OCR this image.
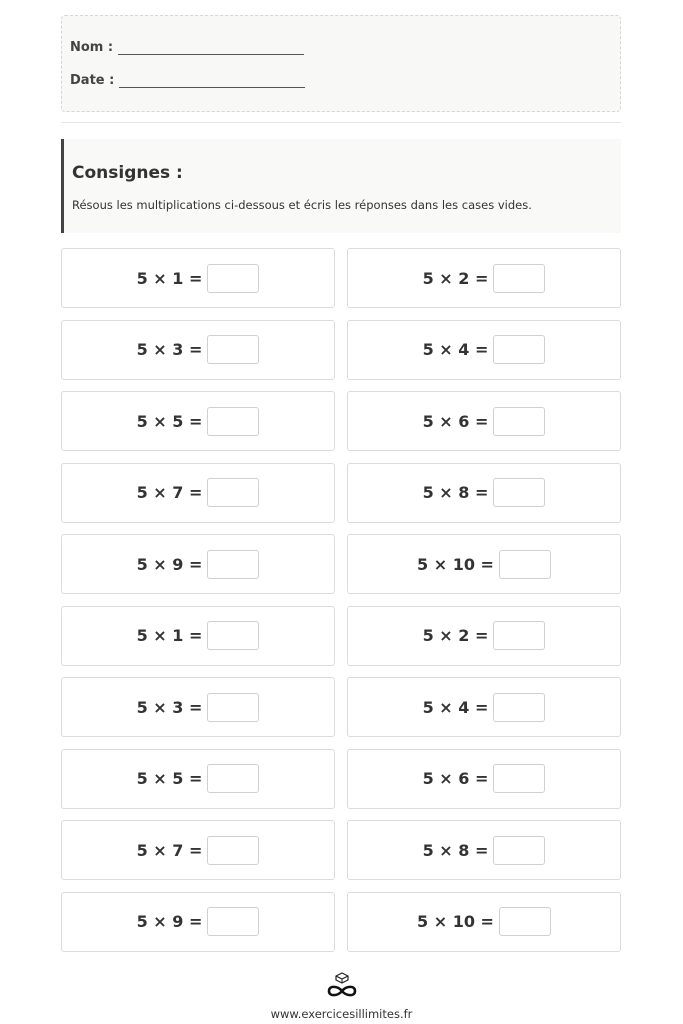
Nom :
Date :
Consignes :
Résous les multiplications ci-dessous et écris les réponses dans les cases vides.
5 × 1 =	5 × 2 =
5 × 3 =	5 × 4 =
5 × 5 =	5 × 6 =
5 × 7 =	5 × 8 =
5 × 9 =	5 × 10 =
5 × 1 =	5 × 2 =
5 × 3 =	5 × 4 =
5 × 5 =	5 × 6 =
5 × 7 =	5 × 8 =
5 × 9 =	5 × 10 =
www.exercicesillimites.fr
